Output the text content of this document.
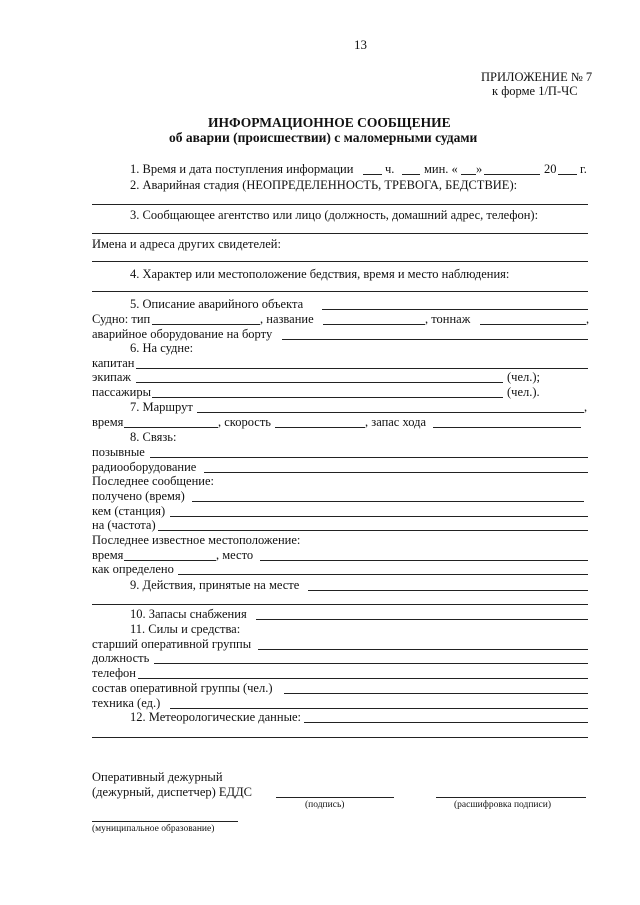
13
ПРИЛОЖЕНИЕ № 7
к форме 1/П-ЧС
ИНФОРМАЦИОННОЕ СООБЩЕНИЕ
об аварии (происшествии) с маломерными судами
1. Время и дата поступления информации	ч. мин. « »	20 г.
2. Аварийная стадия (НЕОПРЕДЕЛЕННОСТЬ, ТРЕВОГА, БЕДСТВИЕ):
3. Сообщающее агентство или лицо (должность, домашний адрес, телефон):
Имена и адреса других свидетелей:
4. Характер или местоположение бедствия, время и место наблюдения:
5. Описание аварийного объекта
Судно: тип	, название	, тоннаж	,
аварийное оборудование на борту
6. На судне:
капитан
экипаж	(чел.);
пассажиры	(чел.).
7. Маршрут	,
время	, скорость	, запас хода
8. Связь:
позывные
радиооборудование
Последнее сообщение:
получено (время)
кем (станция)
на (частота)
Последнее известное местоположение:
время	, место
как определено
9. Действия, принятые на месте
10. Запасы снабжения
11. Силы и средства:
старший оперативной группы
должность
телефон
состав оперативной группы (чел.)
техника (ед.)
12. Метеорологические данные:
Оперативный дежурный
(дежурный, диспетчер) ЕДДС
(подпись)	(расшифровка подписи)
(муниципальное образование)
